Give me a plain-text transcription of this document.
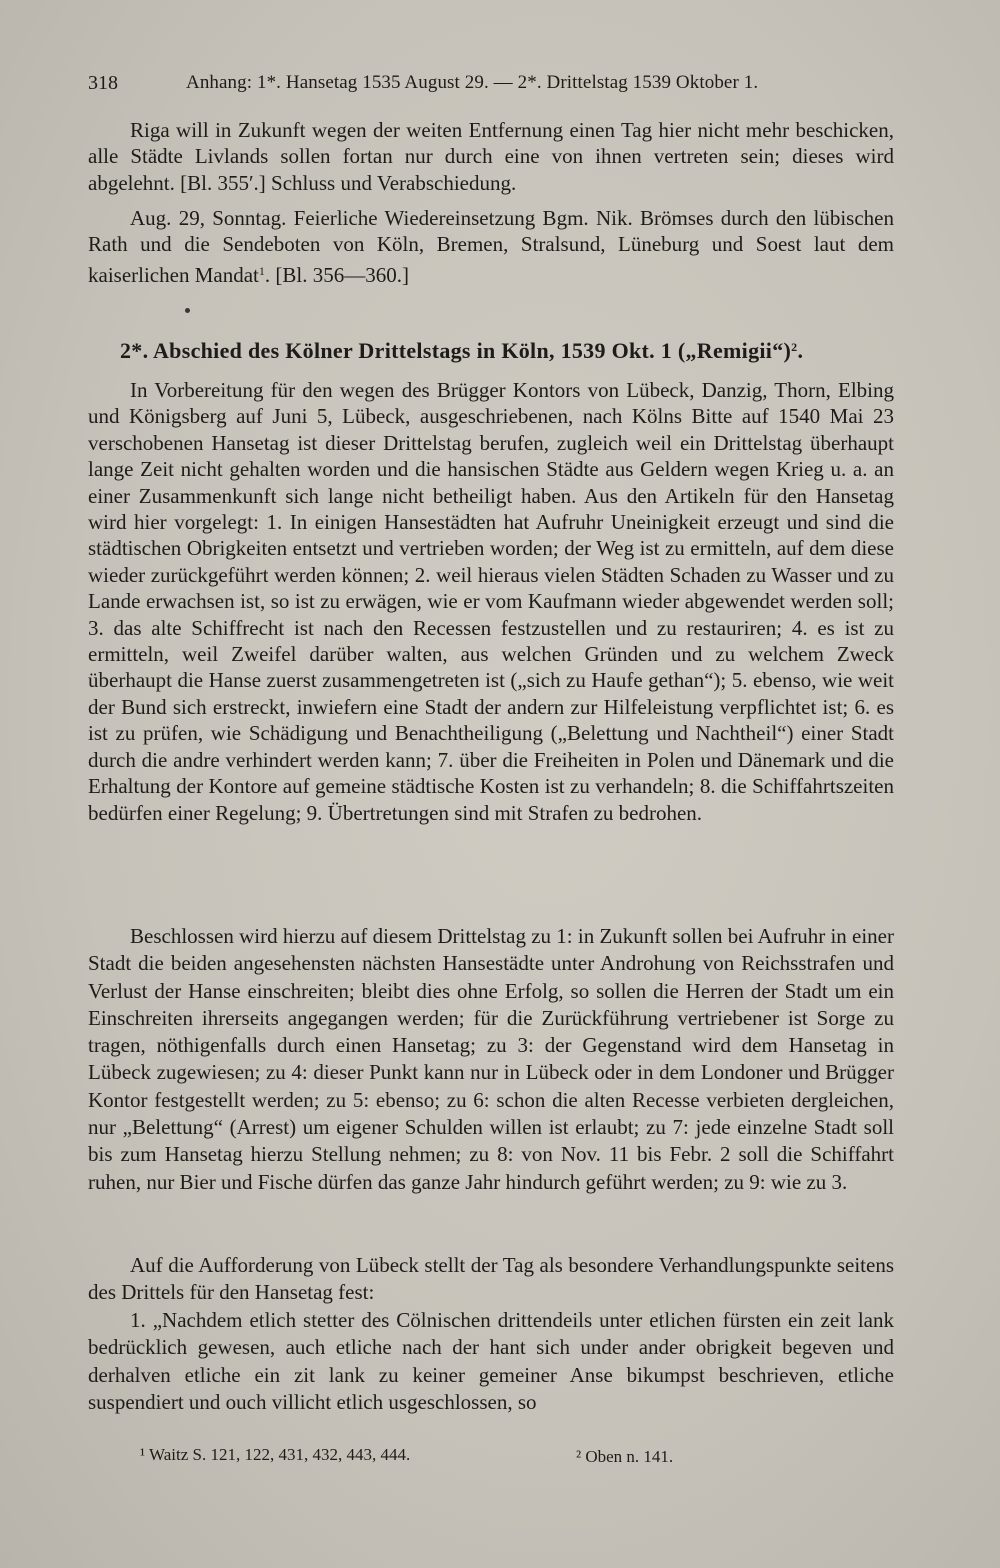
318	Anhang: 1*. Hansetag 1535 August 29. — 2*. Drittelstag 1539 Oktober 1.

Riga will in Zukunft wegen der weiten Entfernung einen Tag hier nicht mehr beschicken, alle Städte Livlands sollen fortan nur durch eine von ihnen vertreten sein; dieses wird abgelehnt. [Bl. 355′.] Schluss und Verabschiedung.

Aug. 29, Sonntag. Feierliche Wiedereinsetzung Bgm. Nik. Brömses durch den lübischen Rath und die Sendeboten von Köln, Bremen, Stralsund, Lüneburg und Soest laut dem kaiserlichen Mandat$^1$. [Bl. 356—360.]

2*. Abschied des Kölner Drittelstags in Köln, 1539 Okt. 1 („Remigii“)$^2$.

In Vorbereitung für den wegen des Brügger Kontors von Lübeck, Danzig, Thorn, Elbing und Königsberg auf Juni 5, Lübeck, ausgeschriebenen, nach Kölns Bitte auf 1540 Mai 23 verschobenen Hansetag ist dieser Drittelstag berufen, zugleich weil ein Drittelstag überhaupt lange Zeit nicht gehalten worden und die hansischen Städte aus Geldern wegen Krieg u. a. an einer Zusammenkunft sich lange nicht betheiligt haben. Aus den Artikeln für den Hansetag wird hier vorgelegt: 1. In einigen Hansestädten hat Aufruhr Uneinigkeit erzeugt und sind die städtischen Obrigkeiten entsetzt und vertrieben worden; der Weg ist zu ermitteln, auf dem diese wieder zurückgeführt werden können; 2. weil hieraus vielen Städten Schaden zu Wasser und zu Lande erwachsen ist, so ist zu erwägen, wie er vom Kaufmann wieder abgewendet werden soll; 3. das alte Schiffrecht ist nach den Recessen festzustellen und zu restauriren; 4. es ist zu ermitteln, weil Zweifel darüber walten, aus welchen Gründen und zu welchem Zweck überhaupt die Hanse zuerst zusammengetreten ist („sich zu Haufe gethan“); 5. ebenso, wie weit der Bund sich erstreckt, inwiefern eine Stadt der andern zur Hilfeleistung verpflichtet ist; 6. es ist zu prüfen, wie Schädigung und Benachtheiligung („Belettung und Nachtheil“) einer Stadt durch die andre verhindert werden kann; 7. über die Freiheiten in Polen und Dänemark und die Erhaltung der Kontore auf gemeine städtische Kosten ist zu verhandeln; 8. die Schiffahrtszeiten bedürfen einer Regelung; 9. Übertretungen sind mit Strafen zu bedrohen.

Beschlossen wird hierzu auf diesem Drittelstag zu 1: in Zukunft sollen bei Aufruhr in einer Stadt die beiden angesehensten nächsten Hansestädte unter Androhung von Reichsstrafen und Verlust der Hanse einschreiten; bleibt dies ohne Erfolg, so sollen die Herren der Stadt um ein Einschreiten ihrerseits angegangen werden; für die Zurückführung vertriebener ist Sorge zu tragen, nöthigenfalls durch einen Hansetag; zu 3: der Gegenstand wird dem Hansetag in Lübeck zugewiesen; zu 4: dieser Punkt kann nur in Lübeck oder in dem Londoner und Brügger Kontor festgestellt werden; zu 5: ebenso; zu 6: schon die alten Recesse verbieten dergleichen, nur „Belettung“ (Arrest) um eigener Schulden willen ist erlaubt; zu 7: jede einzelne Stadt soll bis zum Hansetag hierzu Stellung nehmen; zu 8: von Nov. 11 bis Febr. 2 soll die Schiffahrt ruhen, nur Bier und Fische dürfen das ganze Jahr hindurch geführt werden; zu 9: wie zu 3.

Auf die Aufforderung von Lübeck stellt der Tag als besondere Verhandlungspunkte seitens des Drittels für den Hansetag fest:

1. „Nachdem etlich stetter des Cölnischen drittendeils unter etlichen fürsten ein zeit lank bedrücklich gewesen, auch etliche nach der hant sich under ander obrigkeit begeven und derhalven etliche ein zit lank zu keiner gemeiner Anse bikumpst beschrieven, etliche suspendiert und ouch villicht etlich usgeschlossen, so

¹ Waitz S. 121, 122, 431, 432, 443, 444.	² Oben n. 141.
